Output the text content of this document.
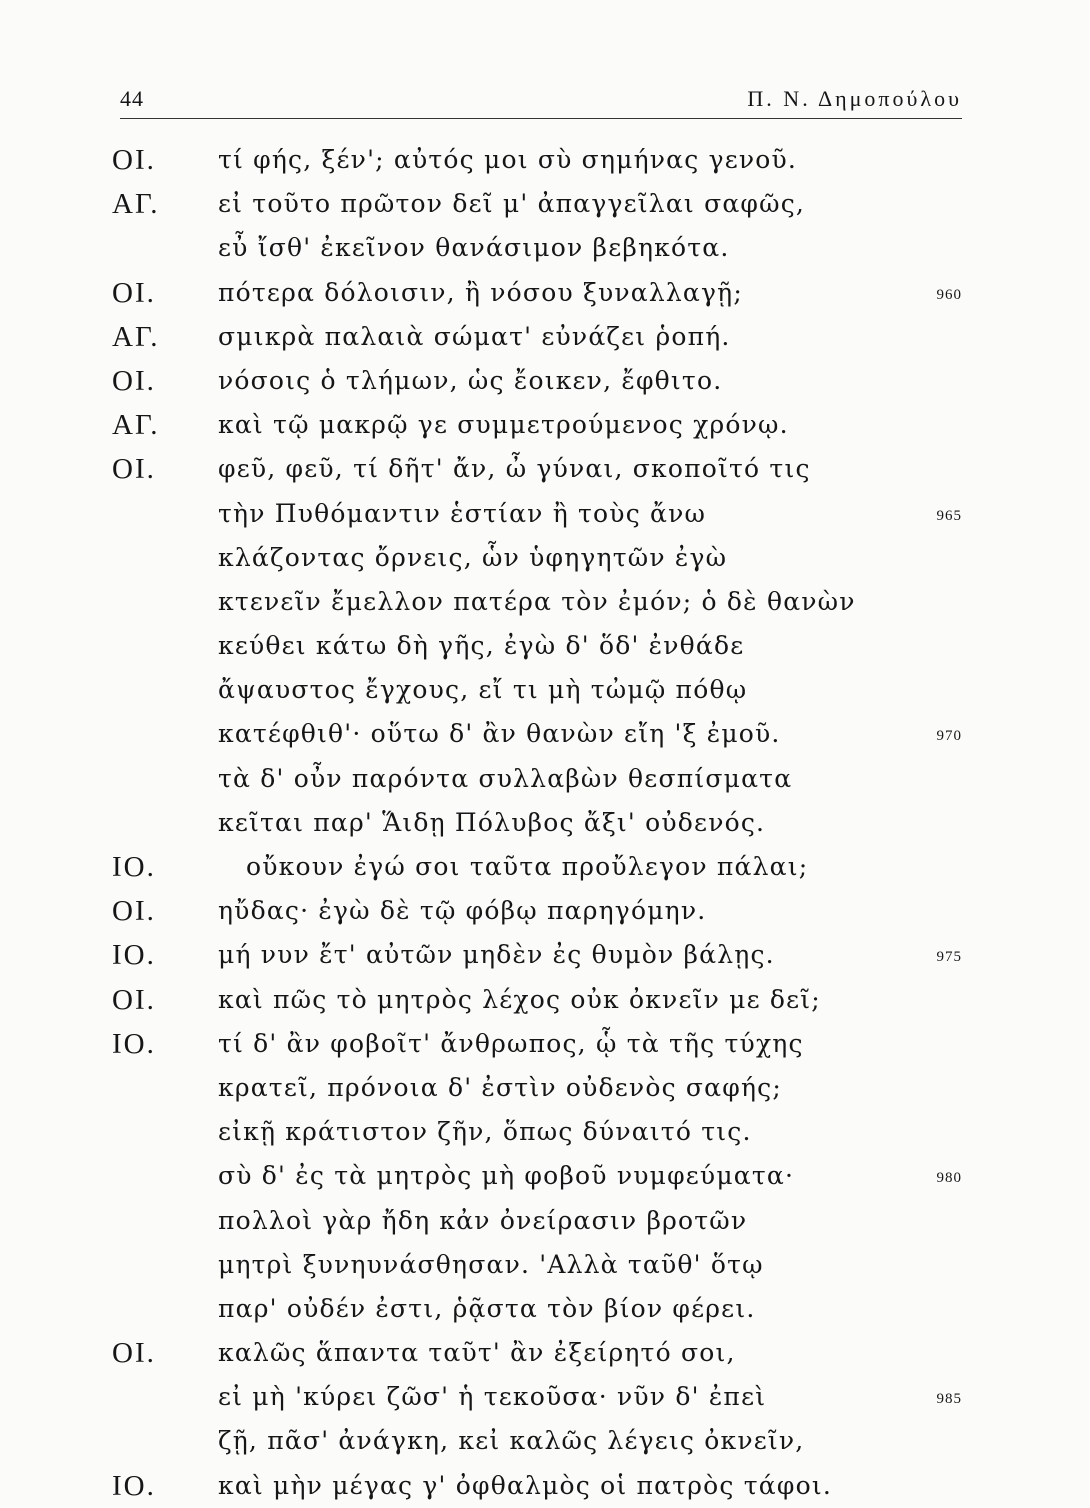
44	Π. Ν. Δημοπούλου
ΟΙ. τί φής, ξέν'; αὐτός μοι σὺ σημήνας γενοῦ.
ΑΓ. εἰ τοῦτο πρῶτον δεῖ μ' ἀπαγγεῖλαι σαφῶς,
εὖ ἴσθ' ἐκεῖνον θανάσιμον βεβηκότα.
ΟΙ. πότερα δόλοισιν, ἢ νόσου ξυναλλαγῇ;	960
ΑΓ. σμικρὰ παλαιὰ σώματ' εὐνάζει ῥοπή.
ΟΙ. νόσοις ὁ τλήμων, ὡς ἔοικεν, ἔφθιτο.
ΑΓ. καὶ τῷ μακρῷ γε συμμετρούμενος χρόνῳ.
ΟΙ. φεῦ, φεῦ, τί δῆτ' ἄν, ὦ γύναι, σκοποῖτό τις
τὴν Πυθόμαντιν ἑστίαν ἢ τοὺς ἄνω	965
κλάζοντας ὄρνεις, ὧν ὑφηγητῶν ἐγὼ
κτενεῖν ἔμελλον πατέρα τὸν ἐμόν; ὁ δὲ θανὼν
κεύθει κάτω δὴ γῆς, ἐγὼ δ' ὅδ' ἐνθάδε
ἄψαυστος ἔγχους, εἴ τι μὴ τὠμῷ πόθῳ
κατέφθιθ'· οὕτω δ' ἂν θανὼν εἴη 'ξ ἐμοῦ.	970
τὰ δ' οὖν παρόντα συλλαβὼν θεσπίσματα
κεῖται παρ' Ἅιδῃ Πόλυβος ἄξι' οὐδενός.
ΙΟ.	οὔκουν ἐγώ σοι ταῦτα προὔλεγον πάλαι;
ΟΙ. ηὔδας· ἐγὼ δὲ τῷ φόβῳ παρηγόμην.
ΙΟ. μή νυν ἔτ' αὐτῶν μηδὲν ἐς θυμὸν βάλῃς.	975
ΟΙ. καὶ πῶς τὸ μητρὸς λέχος οὐκ ὀκνεῖν με δεῖ;
ΙΟ. τί δ' ἂν φοβοῖτ' ἄνθρωπος, ᾧ τὰ τῆς τύχης
κρατεῖ, πρόνοια δ' ἐστὶν οὐδενὸς σαφής;
εἰκῇ κράτιστον ζῆν, ὅπως δύναιτό τις.
σὺ δ' ἐς τὰ μητρὸς μὴ φοβοῦ νυμφεύματα·	980
πολλοὶ γὰρ ἤδη κἀν ὀνείρασιν βροτῶν
μητρὶ ξυνηυνάσθησαν. 'Αλλὰ ταῦθ' ὅτῳ
παρ' οὐδέν ἐστι, ῥᾷστα τὸν βίον φέρει.
ΟΙ. καλῶς ἅπαντα ταῦτ' ἂν ἐξείρητό σοι,
εἰ μὴ 'κύρει ζῶσ' ἡ τεκοῦσα· νῦν δ' ἐπεὶ	985
ζῇ, πᾶσ' ἀνάγκη, κεἰ καλῶς λέγεις ὀκνεῖν,
ΙΟ. καὶ μὴν μέγας γ' ὀφθαλμὸς οἱ πατρὸς τάφοι.
